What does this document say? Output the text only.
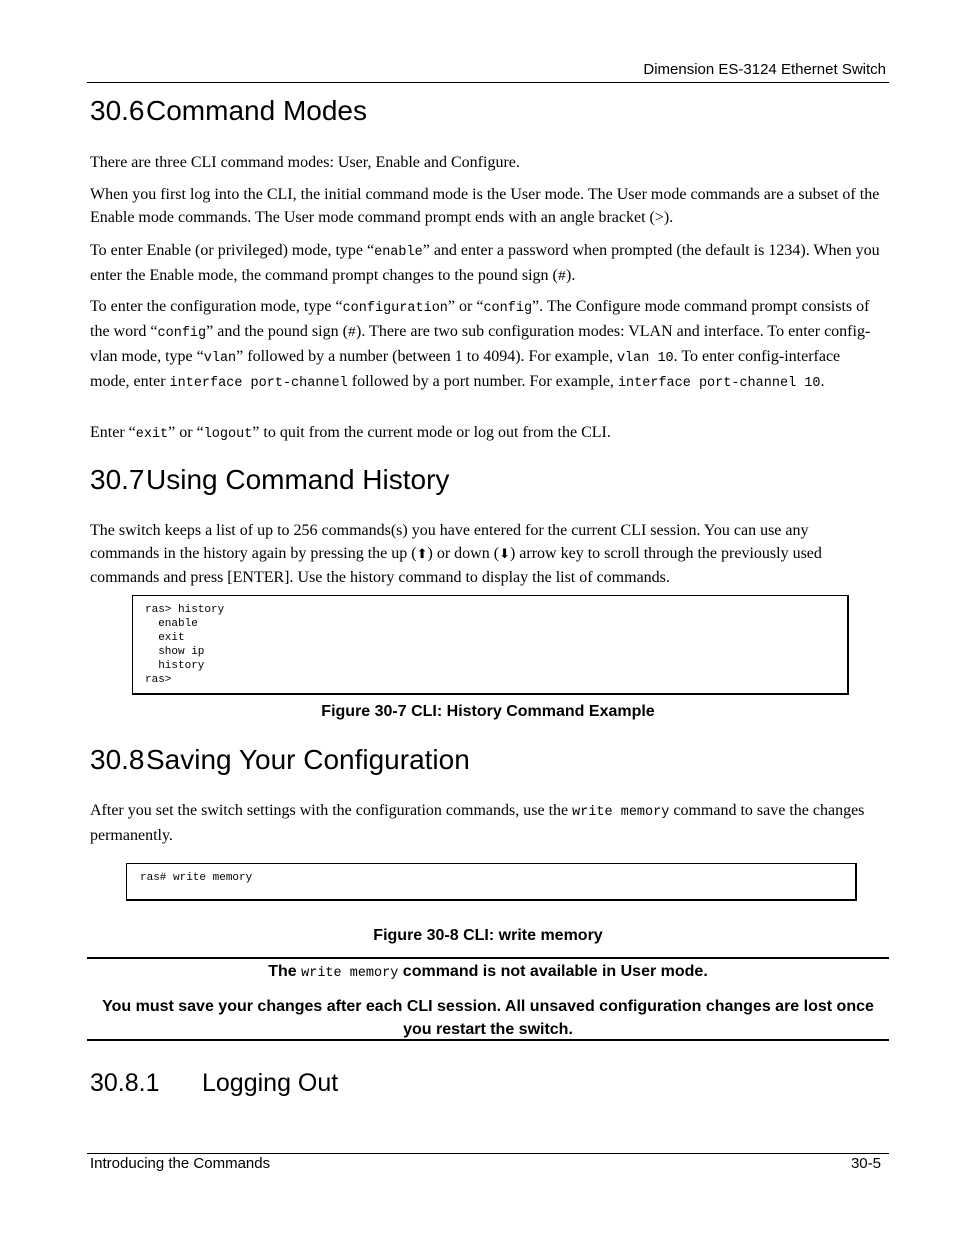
Dimension ES-3124 Ethernet Switch
30.6Command Modes

There are three CLI command modes: User, Enable and Configure.

When you first log into the CLI, the initial command mode is the User mode. The User mode commands are a subset of the Enable mode commands. The User mode command prompt ends with an angle bracket (>).

To enter Enable (or privileged) mode, type “enable” and enter a password when prompted (the default is 1234). When you enter the Enable mode, the command prompt changes to the pound sign (#).

To enter the configuration mode, type “configuration” or “config”. The Configure mode command prompt consists of the word “config” and the pound sign (#). There are two sub configuration modes: VLAN and interface. To enter config-vlan mode, type “vlan” followed by a number (between 1 to 4094). For example, vlan 10. To enter config-interface mode, enter interface port-channel followed by a port number. For example, interface port-channel 10.

Enter “exit” or “logout” to quit from the current mode or log out from the CLI.

30.7Using Command History

The switch keeps a list of up to 256 commands(s) you have entered for the current CLI session. You can use any commands in the history again by pressing the up (⬆) or down (⬇) arrow key to scroll through the previously used commands and press [ENTER]. Use the history command to display the list of commands.

ras> history
enable
exit
show ip
history
ras>
Figure 30-7 CLI: History Command Example
30.8Saving Your Configuration

After you set the switch settings with the configuration commands, use the write memory command to save the changes permanently.

ras# write memory
Figure 30-8 CLI: write memory
The write memory command is not available in User mode.
You must save your changes after each CLI session. All unsaved configuration changes are lost once you restart the switch.
30.8.1 Logging Out
Introducing the Commands	30-5
